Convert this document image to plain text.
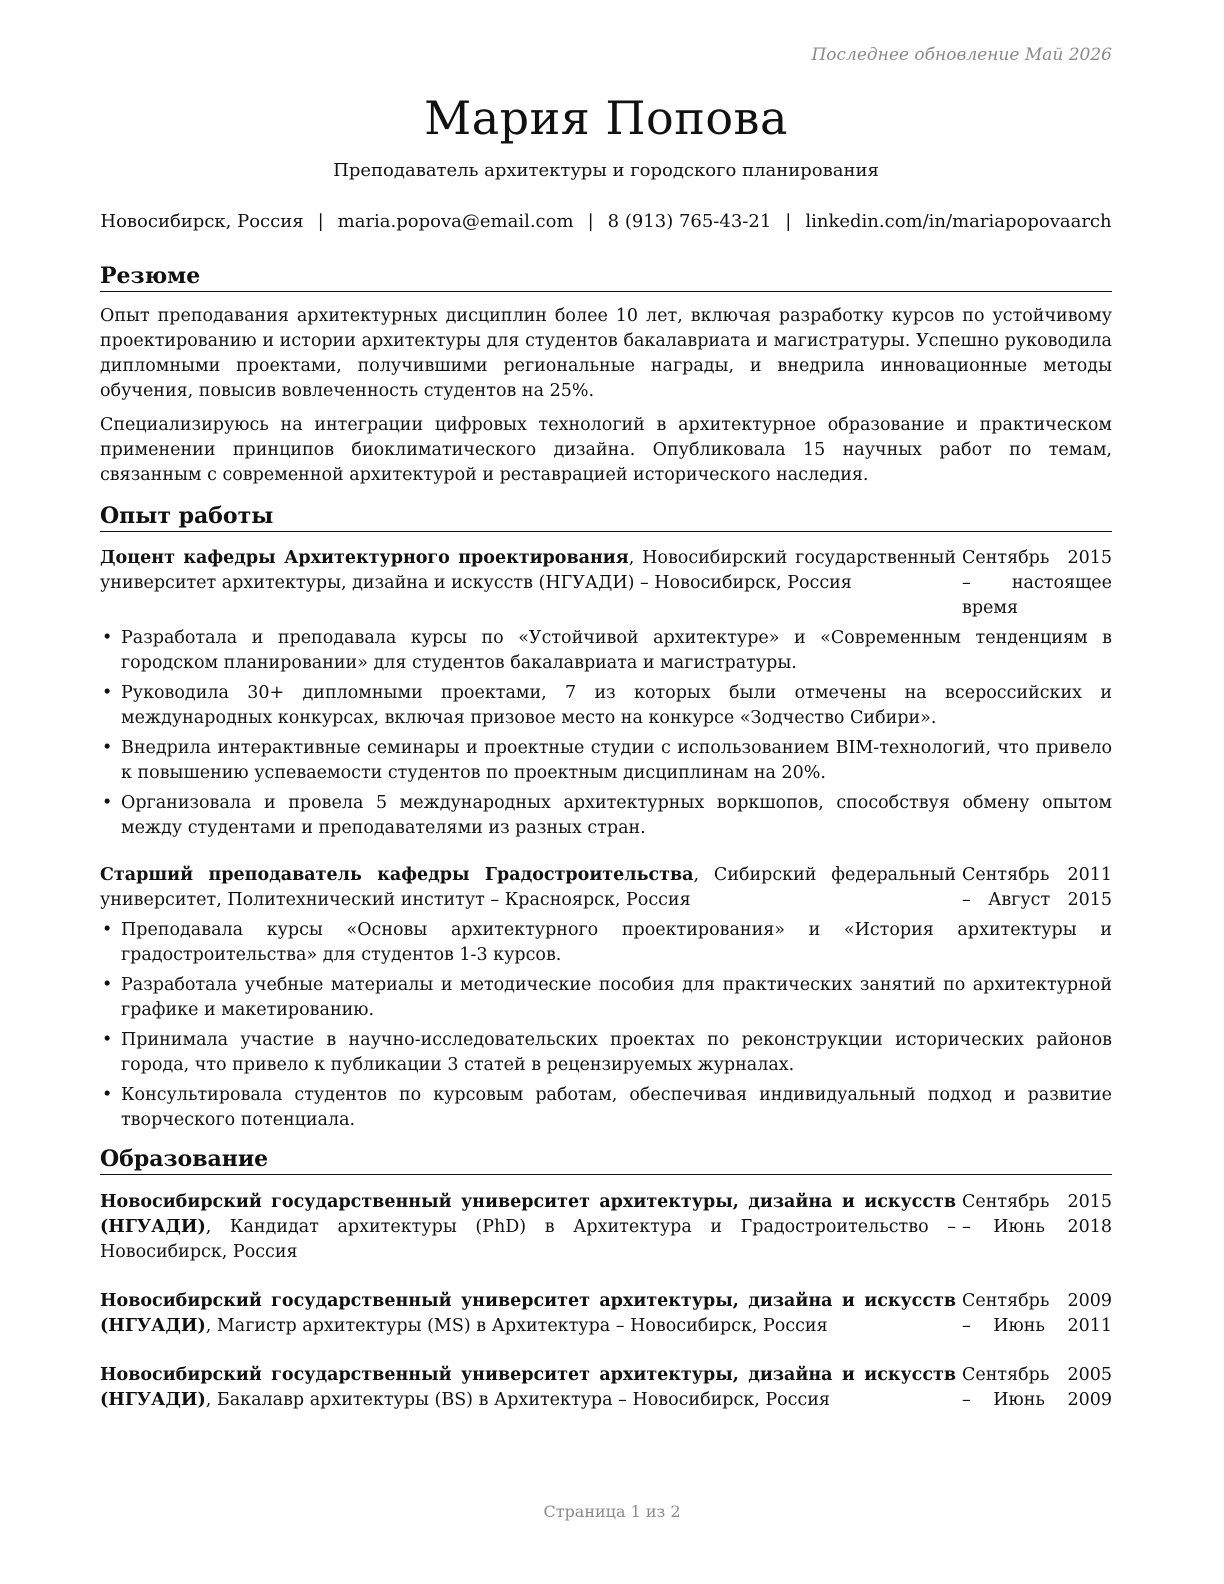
Последнее обновление Май 2026

Мария Попова
Преподаватель архитектуры и городского планирования
Новосибирск, Россия | maria.popova@email.com | 8 (913) 765-43-21 | linkedin.com/in/mariapopovaarch
Резюме

Опыт преподавания архитектурных дисциплин более 10 лет, включая разработку курсов по устойчивому проектированию и истории архитектуры для студентов бакалавриата и магистратуры. Успешно руководила дипломными проектами, получившими региональные награды, и внедрила инновационные методы обучения, повысив вовлеченность студентов на 25%.

Специализируюсь на интеграции цифровых технологий в архитектурное образование и практическом применении принципов биоклиматического дизайна. Опубликовала 15 научных работ по темам, связанным с современной архитектурой и реставрацией исторического наследия.

Опыт работы
Доцент кафедры Архитектурного проектирования, Новосибирский государственный университет архитектуры, дизайна и искусств (НГУАДИ) – Новосибирск, Россия
Сентябрь 2015 – настоящее время
• Разработала и преподавала курсы по «Устойчивой архитектуре» и «Современным тенденциям в городском планировании» для студентов бакалавриата и магистратуры.
• Руководила 30+ дипломными проектами, 7 из которых были отмечены на всероссийских и международных конкурсах, включая призовое место на конкурсе «Зодчество Сибири».
• Внедрила интерактивные семинары и проектные студии с использованием BIM-технологий, что привело к повышению успеваемости студентов по проектным дисциплинам на 20%.
• Организовала и провела 5 международных архитектурных воркшопов, способствуя обмену опытом между студентами и преподавателями из разных стран.
Старший преподаватель кафедры Градостроительства, Сибирский федеральный университет, Политехнический институт – Красноярск, Россия
Сентябрь 2011 – Август 2015
• Преподавала курсы «Основы архитектурного проектирования» и «История архитектуры и градостроительства» для студентов 1-3 курсов.
• Разработала учебные материалы и методические пособия для практических занятий по архитектурной графике и макетированию.
• Принимала участие в научно-исследовательских проектах по реконструкции исторических районов города, что привело к публикации 3 статей в рецензируемых журналах.
• Консультировала студентов по курсовым работам, обеспечивая индивидуальный подход и развитие творческого потенциала.
Образование
Новосибирский государственный университет архитектуры, дизайна и искусств (НГУАДИ), Кандидат архитектуры (PhD) в Архитектура и Градостроительство – Новосибирск, Россия
Сентябрь 2015 – Июнь 2018
Новосибирский государственный университет архитектуры, дизайна и искусств (НГУАДИ), Магистр архитектуры (MS) в Архитектура – Новосибирск, Россия
Сентябрь 2009 – Июнь 2011
Новосибирский государственный университет архитектуры, дизайна и искусств (НГУАДИ), Бакалавр архитектуры (BS) в Архитектура – Новосибирск, Россия
Сентябрь 2005 – Июнь 2009
Страница 1 из 2
